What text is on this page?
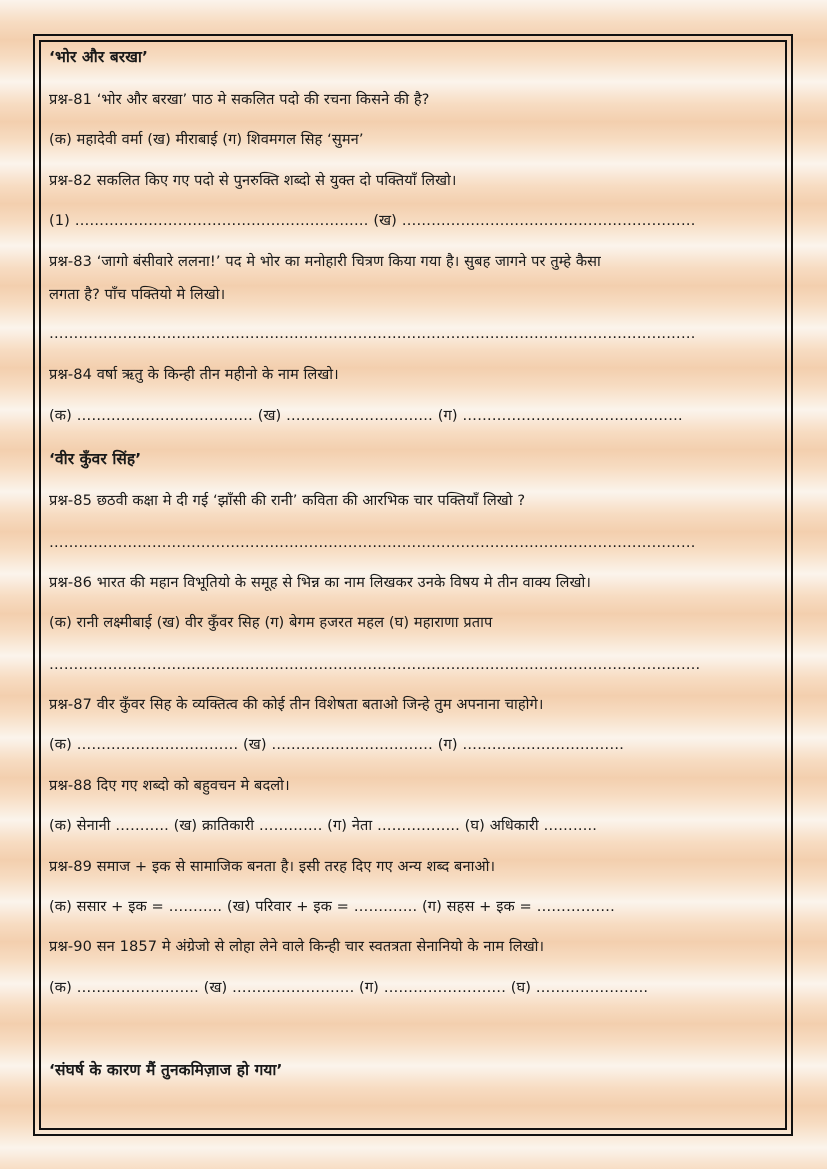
‘भोर और बरखा’
प्रश्न-81 ‘भोर और बरखा’ पाठ मे सकलित पदो की रचना किसने की है?
(क) महादेवी वर्मा (ख) मीराबाई (ग) शिवमगल सिह ‘सुमन’
प्रश्न-82 सकलित किए गए पदो से पुनरुक्ति शब्दो से युक्त दो पक्तियाँ लिखो।
(1) …………………………………………………… (ख) ……………………………………………………
प्रश्न-83 ‘जागो बंसीवारे ललना!’ पद मे भोर का मनोहारी चित्रण किया गया है। सुबह जागने पर तुम्हे कैसा
लगता है? पाँच पक्तियो मे लिखो।
……………………………………………………………………………………………………………………
प्रश्न-84 वर्षा ऋतु के किन्ही तीन महीनो के नाम लिखो।
(क) ……………………………… (ख) ………………………… (ग) ………………………………………
‘वीर कुँवर सिंह’
प्रश्न-85 छठवी कक्षा मे दी गई ‘झाँसी की रानी’ कविता की आरभिक चार पक्तियाँ लिखो ?
……………………………………………………………………………………………………………………
प्रश्न-86 भारत की महान विभूतियो के समूह से भिन्न का नाम लिखकर उनके विषय मे तीन वाक्य लिखो।
(क) रानी लक्ष्मीबाई (ख) वीर कुँवर सिह (ग) बेगम हजरत महल (घ) महाराणा प्रताप
…………………………………………………………………………………………………………………….
प्रश्न-87 वीर कुँवर सिह के व्यक्तित्व की कोई तीन विशेषता बताओ जिन्हे तुम अपनाना चाहोगे।
(क) …………………………… (ख) …………………………… (ग) ……………………………
प्रश्न-88 दिए गए शब्दो को बहुवचन मे बदलो।
(क) सेनानी ……….. (ख) क्रातिकारी …………. (ग) नेता …………….. (घ) अधिकारी ………..
प्रश्न-89 समाज + इक से सामाजिक बनता है। इसी तरह दिए गए अन्य शब्द बनाओ।
(क) ससार + इक = ……….. (ख) परिवार + इक = …………. (ग) सहस + इक = …………….
प्रश्न-90 सन 1857 मे अंग्रेजो से लोहा लेने वाले किन्ही चार स्वतत्रता सेनानियो के नाम लिखो।
(क) ……………………. (ख) ……………………. (ग) ……………………. (घ) …………………..
‘संघर्ष के कारण मैं तुनकमिज़ाज हो गया’
